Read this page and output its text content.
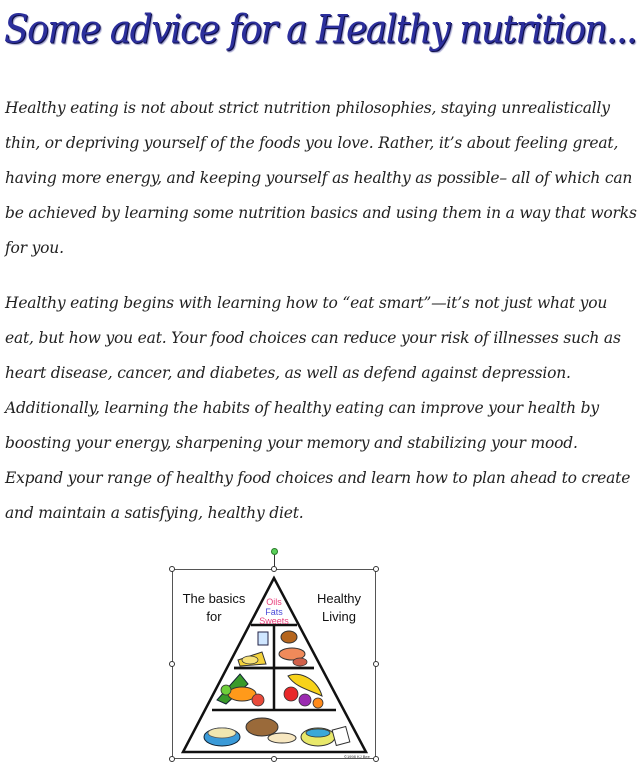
Some advice for a Healthy nutrition...

Healthy eating is not about strict nutrition philosophies, staying unrealistically thin, or depriving yourself of the foods you love. Rather, it’s about feeling great, having more energy, and keeping yourself as healthy as possible– all of which can be achieved by learning some nutrition basics and using them in a way that works for you.

Healthy eating begins with learning how to “eat smart”—it’s not just what you eat, but how you eat. Your food choices can reduce your risk of illnesses such as heart disease, cancer, and diabetes, as well as defend against depression. Additionally, learning the habits of healthy eating can improve your health by boosting your energy, sharpening your memory and stabilizing your mood. Expand your range of healthy food choices and learn how to plan ahead to create and maintain a satisfying, healthy diet.

The basics
for
Healthy
Living
Oils
Fats
Sweets
©1998 KJ Bee
